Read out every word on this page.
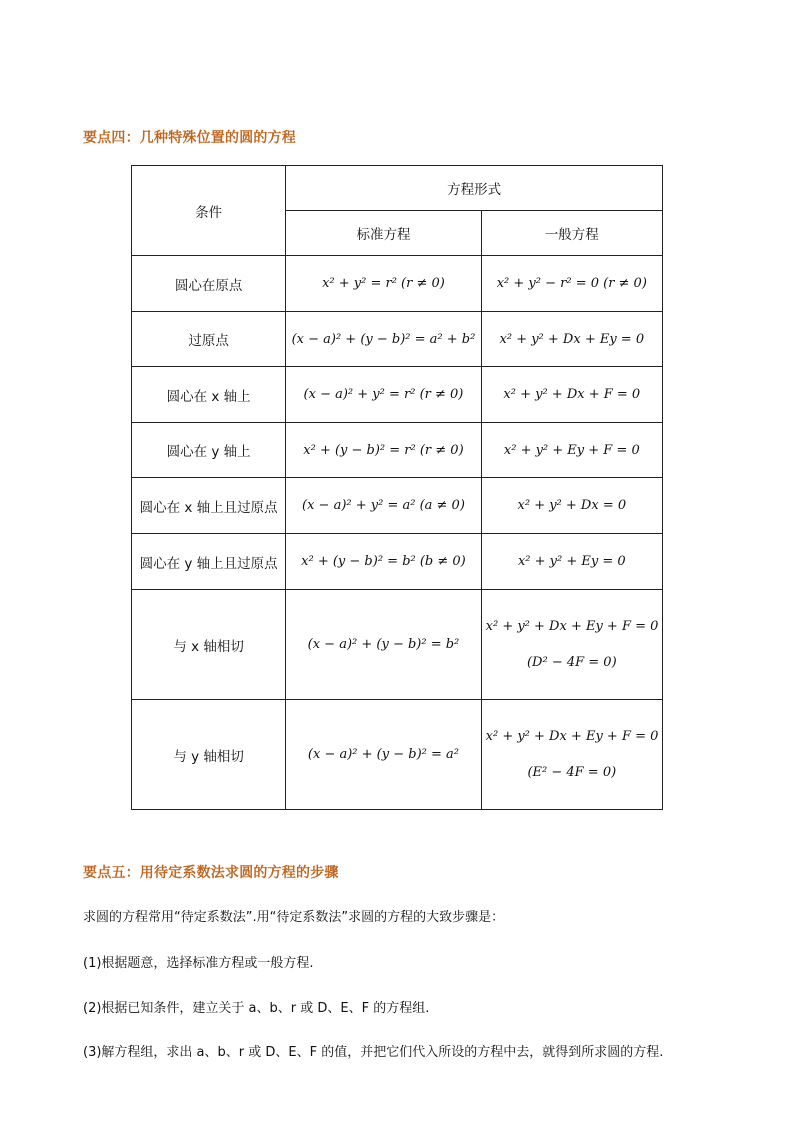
要点四：几种特殊位置的圆的方程
条件	方程形式	
	标准方程	一般方程
圆心在原点	x² + y² = r² (r ≠ 0)	x² + y² − r² = 0 (r ≠ 0)
过原点	(x − a)² + (y − b)² = a² + b²	x² + y² + Dx + Ey = 0
圆心在 x 轴上	(x − a)² + y² = r² (r ≠ 0)	x² + y² + Dx + F = 0
圆心在 y 轴上	x² + (y − b)² = r² (r ≠ 0)	x² + y² + Ey + F = 0
圆心在 x 轴上且过原点	(x − a)² + y² = a² (a ≠ 0)	x² + y² + Dx = 0
圆心在 y 轴上且过原点	x² + (y − b)² = b² (b ≠ 0)	x² + y² + Ey = 0
与 x 轴相切	(x − a)² + (y − b)² = b²	x² + y² + Dx + Ey + F = 0
(D² − 4F = 0)

与 y 轴相切	(x − a)² + (y − b)² = a²	x² + y² + Dx + Ey + F = 0
(E² − 4F = 0)
要点五：用待定系数法求圆的方程的步骤
求圆的方程常用“待定系数法”.用“待定系数法”求圆的方程的大致步骤是：
(1)根据题意，选择标准方程或一般方程.
(2)根据已知条件，建立关于 a、b、r 或 D、E、F 的方程组.
(3)解方程组，求出 a、b、r 或 D、E、F 的值，并把它们代入所设的方程中去，就得到所求圆的方程.
